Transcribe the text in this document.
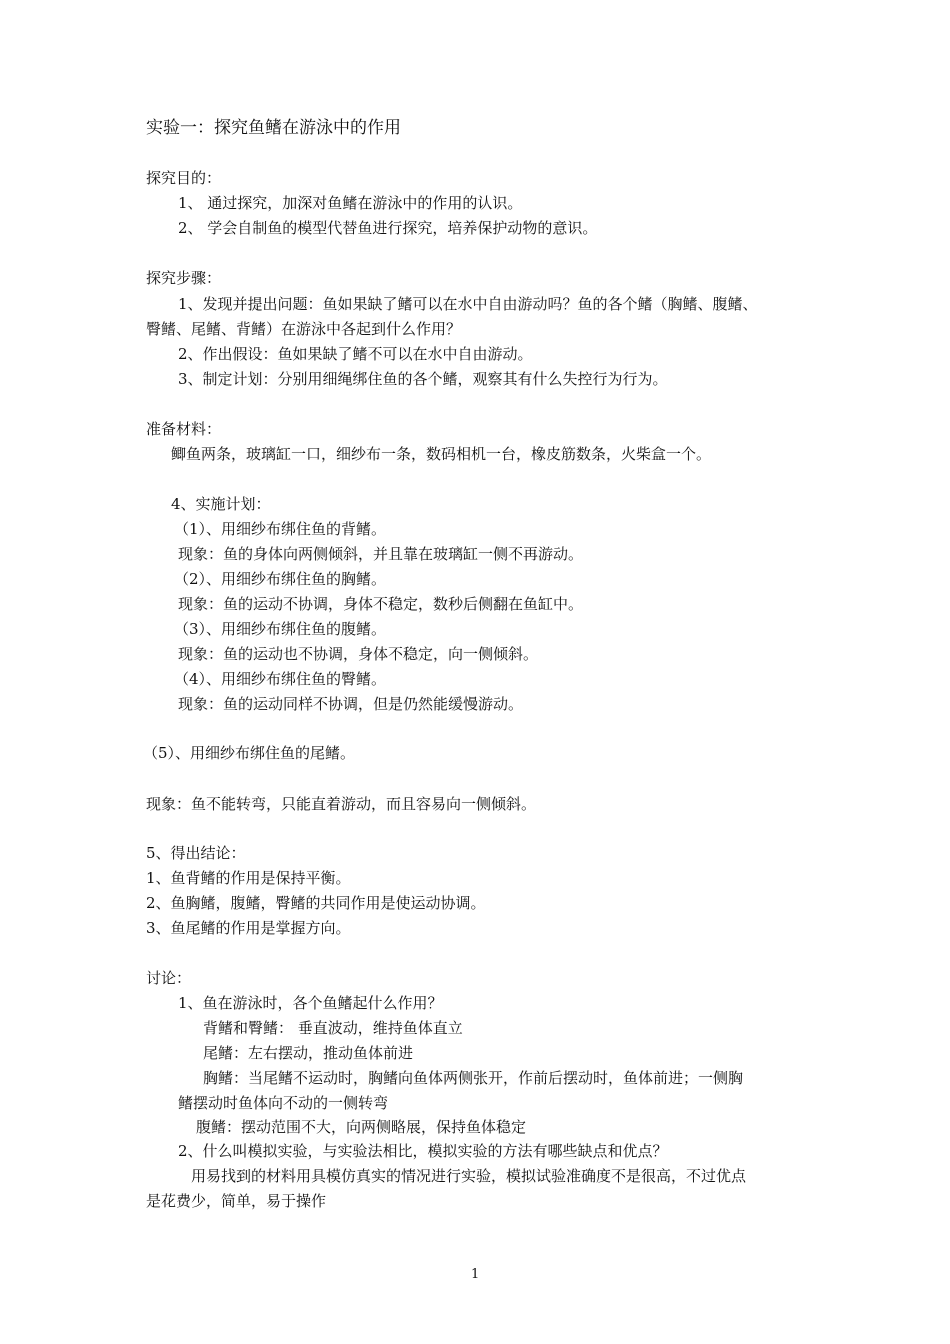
实验一：探究鱼鳍在游泳中的作用

探究目的：

1、 通过探究，加深对鱼鳍在游泳中的作用的认识。

2、 学会自制鱼的模型代替鱼进行探究，培养保护动物的意识。

探究步骤：

1、发现并提出问题：鱼如果缺了鳍可以在水中自由游动吗？鱼的各个鳍（胸鳍、腹鳍、

臀鳍、尾鳍、背鳍）在游泳中各起到什么作用？

2、作出假设：鱼如果缺了鳍不可以在水中自由游动。

3、制定计划：分别用细绳绑住鱼的各个鳍，观察其有什么失控行为行为。

准备材料：

鲫鱼两条，玻璃缸一口，细纱布一条，数码相机一台，橡皮筋数条，火柴盒一个。

4、实施计划：

（1）、用细纱布绑住鱼的背鳍。

现象：鱼的身体向两侧倾斜，并且靠在玻璃缸一侧不再游动。

（2）、用细纱布绑住鱼的胸鳍。

现象：鱼的运动不协调，身体不稳定，数秒后侧翻在鱼缸中。

（3）、用细纱布绑住鱼的腹鳍。

现象：鱼的运动也不协调，身体不稳定，向一侧倾斜。

（4）、用细纱布绑住鱼的臀鳍。

现象：鱼的运动同样不协调，但是仍然能缓慢游动。

（5）、用细纱布绑住鱼的尾鳍。

现象：鱼不能转弯，只能直着游动，而且容易向一侧倾斜。

5、得出结论：

1、鱼背鳍的作用是保持平衡。

2、鱼胸鳍，腹鳍，臀鳍的共同作用是使运动协调。

3、鱼尾鳍的作用是掌握方向。

讨论：

1、鱼在游泳时，各个鱼鳍起什么作用？

背鳍和臀鳍： 垂直波动，维持鱼体直立

尾鳍：左右摆动，推动鱼体前进

胸鳍：当尾鳍不运动时，胸鳍向鱼体两侧张开，作前后摆动时，鱼体前进；一侧胸

鳍摆动时鱼体向不动的一侧转弯

腹鳍：摆动范围不大，向两侧略展，保持鱼体稳定

2、什么叫模拟实验，与实验法相比，模拟实验的方法有哪些缺点和优点？

用易找到的材料用具模仿真实的情况进行实验，模拟试验准确度不是很高，不过优点

是花费少，简单，易于操作

1
